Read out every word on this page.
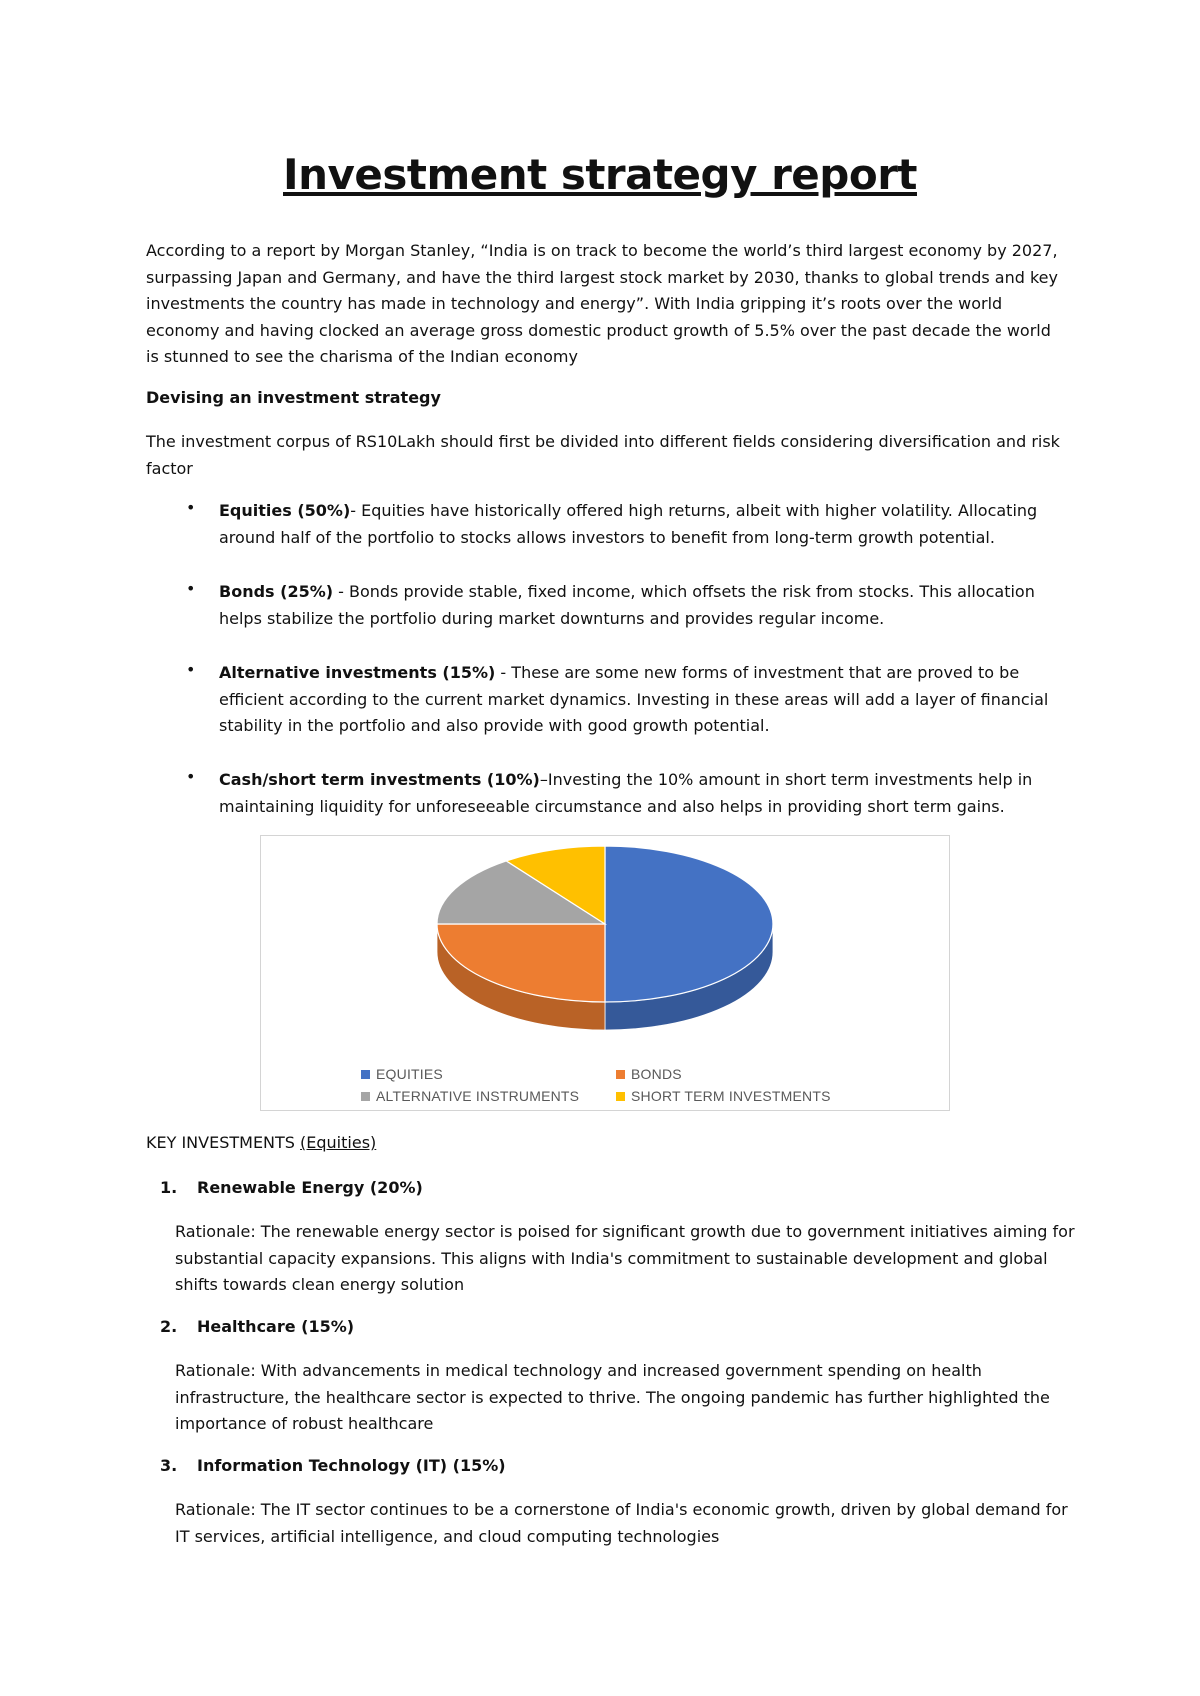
Investment strategy report

According to a report by Morgan Stanley, “India is on track to become the world’s third largest economy by 2027, surpassing Japan and Germany, and have the third largest stock market by 2030, thanks to global trends and key investments the country has made in technology and energy”. With India gripping it’s roots over the world economy and having clocked an average gross domestic product growth of 5.5% over the past decade the world is stunned to see the charisma of the Indian economy

Devising an investment strategy

The investment corpus of RS10Lakh should first be divided into different fields considering diversification and risk factor

• Equities (50%)- Equities have historically offered high returns, albeit with higher volatility. Allocating around half of the portfolio to stocks allows investors to benefit from long-term growth potential.

• Bonds (25%) - Bonds provide stable, fixed income, which offsets the risk from stocks. This allocation helps stabilize the portfolio during market downturns and provides regular income.

• Alternative investments (15%) - These are some new forms of investment that are proved to be efficient according to the current market dynamics. Investing in these areas will add a layer of financial stability in the portfolio and also provide with good growth potential.

• Cash/short term investments (10%)–Investing the 10% amount in short term investments help in maintaining liquidity for unforeseeable circumstance and also helps in providing short term gains.

EQUITIES	BONDS
ALTERNATIVE INSTRUMENTS	SHORT TERM INVESTMENTS

KEY INVESTMENTS (Equities)

1. Renewable Energy (20%)

Rationale: The renewable energy sector is poised for significant growth due to government initiatives aiming for substantial capacity expansions. This aligns with India's commitment to sustainable development and global shifts towards clean energy solution

2. Healthcare (15%)

Rationale: With advancements in medical technology and increased government spending on health infrastructure, the healthcare sector is expected to thrive. The ongoing pandemic has further highlighted the importance of robust healthcare

3. Information Technology (IT) (15%)

Rationale: The IT sector continues to be a cornerstone of India's economic growth, driven by global demand for IT services, artificial intelligence, and cloud computing technologies
